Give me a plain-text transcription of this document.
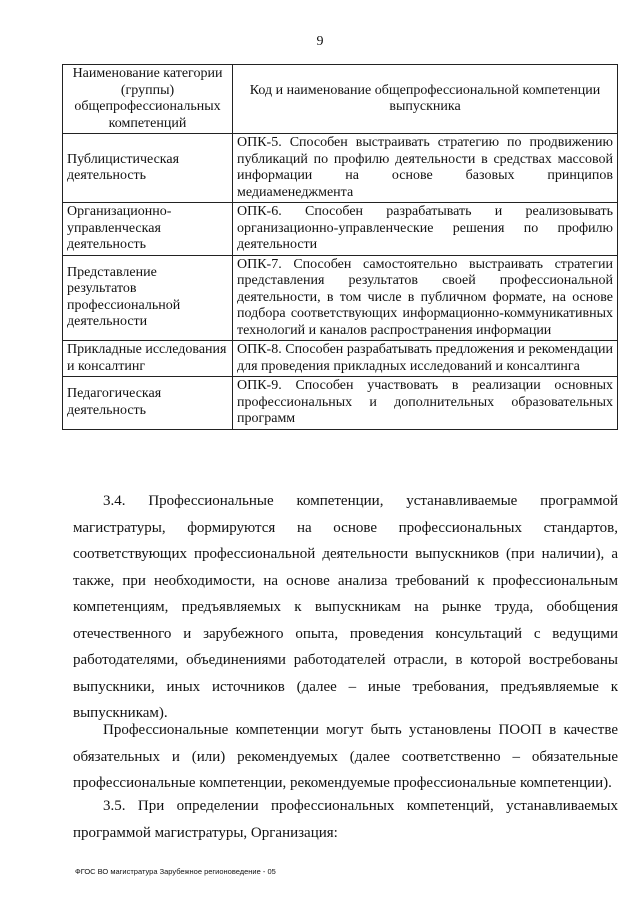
9
Наименование категории (группы) общепрофессиональных компетенций	Код и наименование общепрофессиональной компетенции выпускника
Публицистическая деятельность	ОПК-5. Способен выстраивать стратегию по продвижению публикаций по профилю деятельности в средствах массовой информации на основе базовых принципов медиаменеджмента
Организационно-управленческая деятельность	ОПК-6. Способен разрабатывать и реализовывать организационно-управленческие решения по профилю деятельности
Представление результатов профессиональной деятельности	ОПК-7. Способен самостоятельно выстраивать стратегии представления результатов своей профессиональной деятельности, в том числе в публичном формате, на основе подбора соответствующих информационно-коммуникативных технологий и каналов распространения информации
Прикладные исследования и консалтинг	ОПК-8. Способен разрабатывать предложения и рекомендации для проведения прикладных исследований и консалтинга
Педагогическая деятельность	ОПК-9. Способен участвовать в реализации основных профессиональных и дополнительных образовательных программ

3.4. Профессиональные компетенции, устанавливаемые программой магистратуры, формируются на основе профессиональных стандартов, соответствующих профессиональной деятельности выпускников (при наличии), а также, при необходимости, на основе анализа требований к профессиональным компетенциям, предъявляемых к выпускникам на рынке труда, обобщения отечественного и зарубежного опыта, проведения консультаций с ведущими работодателями, объединениями работодателей отрасли, в которой востребованы выпускники, иных источников (далее – иные требования, предъявляемые к выпускникам).

Профессиональные компетенции могут быть установлены ПООП в качестве обязательных и (или) рекомендуемых (далее соответственно – обязательные профессиональные компетенции, рекомендуемые профессиональные компетенции).

3.5. При определении профессиональных компетенций, устанавливаемых программой магистратуры, Организация:

ФГОС ВО магистратура Зарубежное регионоведение - 05
